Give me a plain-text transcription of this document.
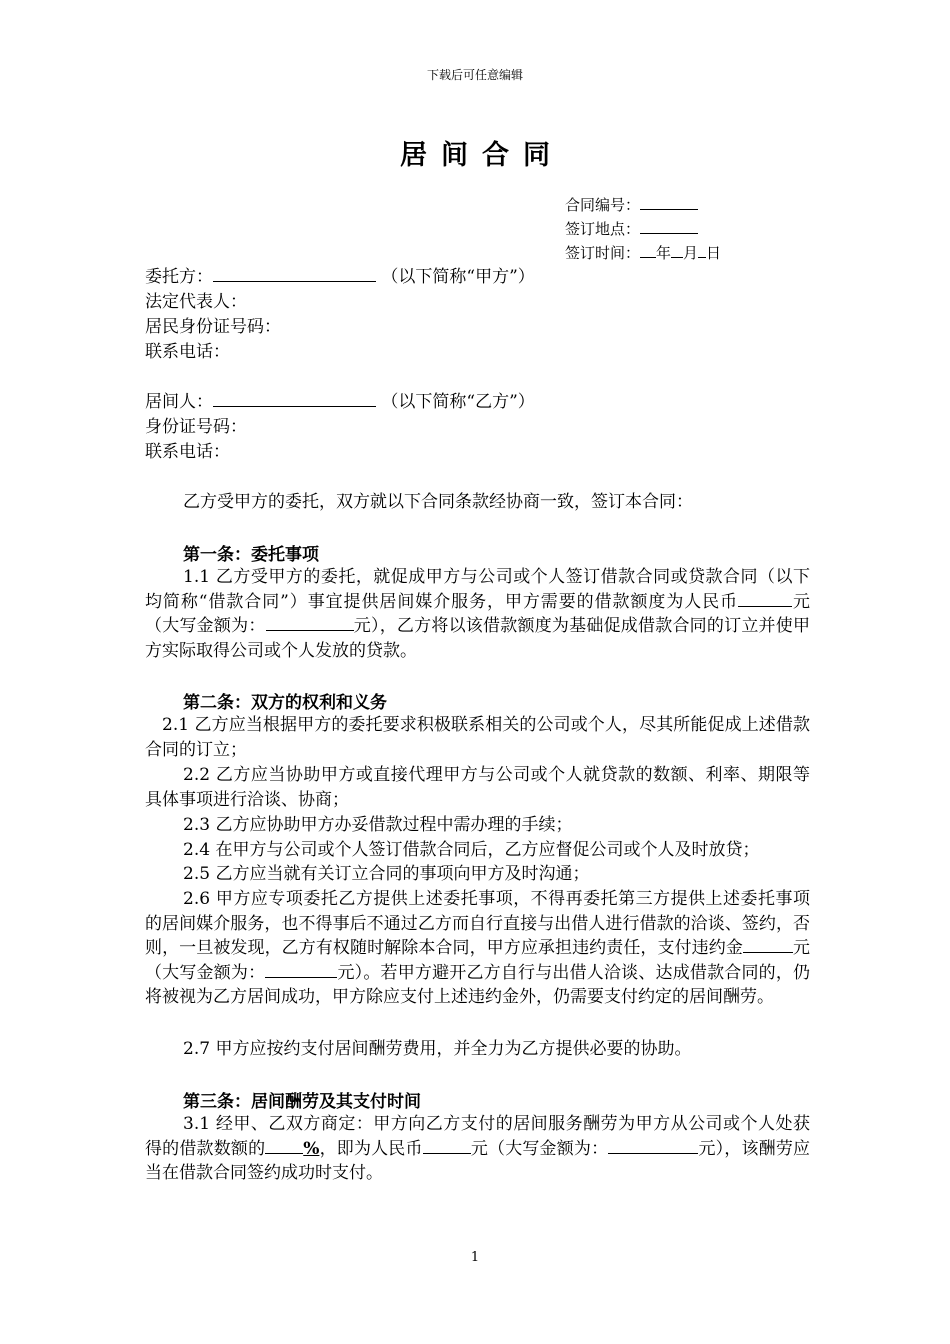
下载后可任意编辑
居间合同
合同编号：
签订地点：
签订时间： 年 月 日
委托方：	（以下简称“甲方”）
法定代表人：
居民身份证号码：
联系电话：
居间人：	（以下简称“乙方”）
身份证号码：
联系电话：
乙方受甲方的委托，双方就以下合同条款经协商一致，签订本合同：
第一条：委托事项
1.1 乙方受甲方的委托，就促成甲方与公司或个人签订借款合同或贷款合同（以下均简称“借款合同”）事宜提供居间媒介服务，甲方需要的借款额度为人民币	元（大写金额为：	元），乙方将以该借款额度为基础促成借款合同的订立并使甲方实际取得公司或个人发放的贷款。
第二条：双方的权利和义务
2.1 乙方应当根据甲方的委托要求积极联系相关的公司或个人，尽其所能促成上述借款合同的订立；
2.2 乙方应当协助甲方或直接代理甲方与公司或个人就贷款的数额、利率、期限等具体事项进行洽谈、协商；
2.3 乙方应协助甲方办妥借款过程中需办理的手续；
2.4 在甲方与公司或个人签订借款合同后，乙方应督促公司或个人及时放贷；
2.5 乙方应当就有关订立合同的事项向甲方及时沟通；
2.6 甲方应专项委托乙方提供上述委托事项，不得再委托第三方提供上述委托事项的居间媒介服务，也不得事后不通过乙方而自行直接与出借人进行借款的洽谈、签约，否则，一旦被发现，乙方有权随时解除本合同，甲方应承担违约责任，支付违约金	元（大写金额为：	元）。若甲方避开乙方自行与出借人洽谈、达成借款合同的，仍将被视为乙方居间成功，甲方除应支付上述违约金外，仍需要支付约定的居间酬劳。
2.7 甲方应按约支付居间酬劳费用，并全力为乙方提供必要的协助。
第三条：居间酬劳及其支付时间
3.1 经甲、乙双方商定：甲方向乙方支付的居间服务酬劳为甲方从公司或个人处获得的借款数额的 %，即为人民币	元（大写金额为：	元），该酬劳应当在借款合同签约成功时支付。
1
